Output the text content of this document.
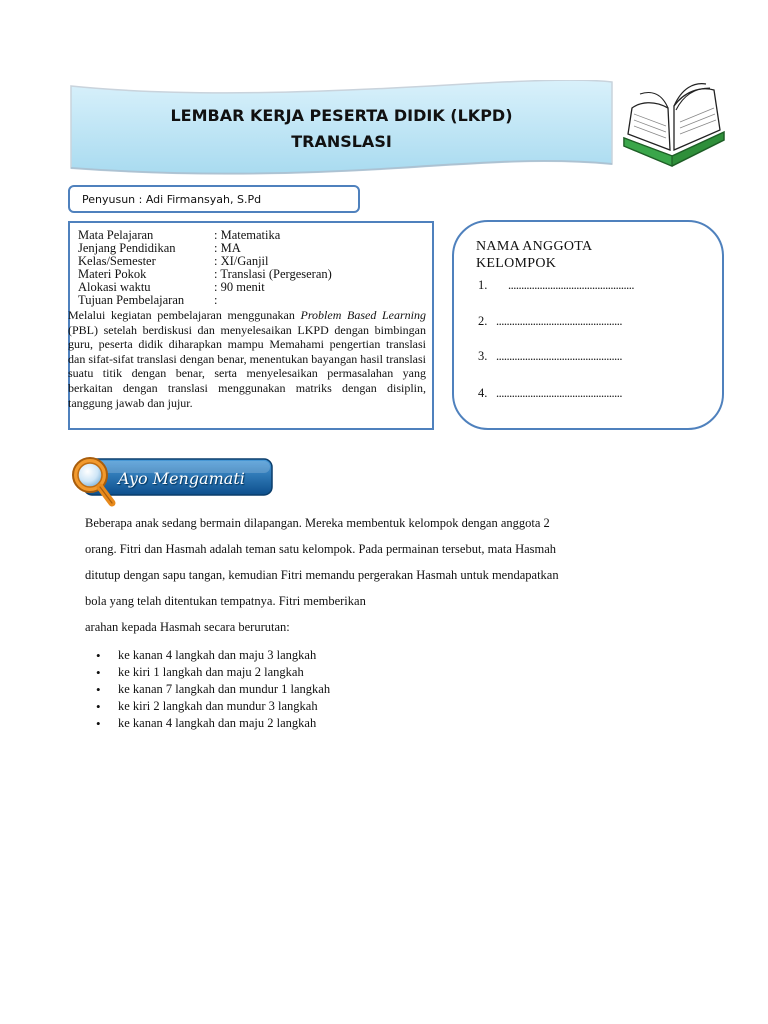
LEMBAR KERJA PESERTA DIDIK (LKPD)
TRANSLASI
Penyusun : Adi Firmansyah, S.Pd
Mata Pelajaran	: Matematika
Jenjang Pendidikan	: MA
Kelas/Semester	: XI/Ganjil
Materi Pokok	: Translasi (Pergeseran)
Alokasi waktu	: 90 menit
Tujuan Pembelajaran :
Melalui kegiatan pembelajaran menggunakan Problem Based Learning (PBL) setelah berdiskusi dan menyelesaikan LKPD dengan bimbingan guru, peserta didik diharapkan mampu Memahami pengertian translasi dan sifat-sifat translasi dengan benar, menentukan bayangan hasil translasi suatu titik dengan benar, serta menyelesaikan permasalahan yang berkaitan dengan translasi menggunakan matriks dengan disiplin, tanggung jawab dan jujur.
NAMA ANGGOTA
KELOMPOK
1. ................................................
2. ................................................
3. ................................................
4. ................................................
Ayo Mengamati
Beberapa anak sedang bermain dilapangan. Mereka membentuk kelompok dengan anggota 2
orang. Fitri dan Hasmah adalah teman satu kelompok. Pada permainan tersebut, mata Hasmah
ditutup dengan sapu tangan, kemudian Fitri memandu pergerakan Hasmah untuk mendapatkan
bola yang telah ditentukan tempatnya. Fitri memberikan
arahan kepada Hasmah secara berurutan:
• ke kanan 4 langkah dan maju 3 langkah
• ke kiri 1 langkah dan maju 2 langkah
• ke kanan 7 langkah dan mundur 1 langkah
• ke kiri 2 langkah dan mundur 3 langkah
• ke kanan 4 langkah dan maju 2 langkah
